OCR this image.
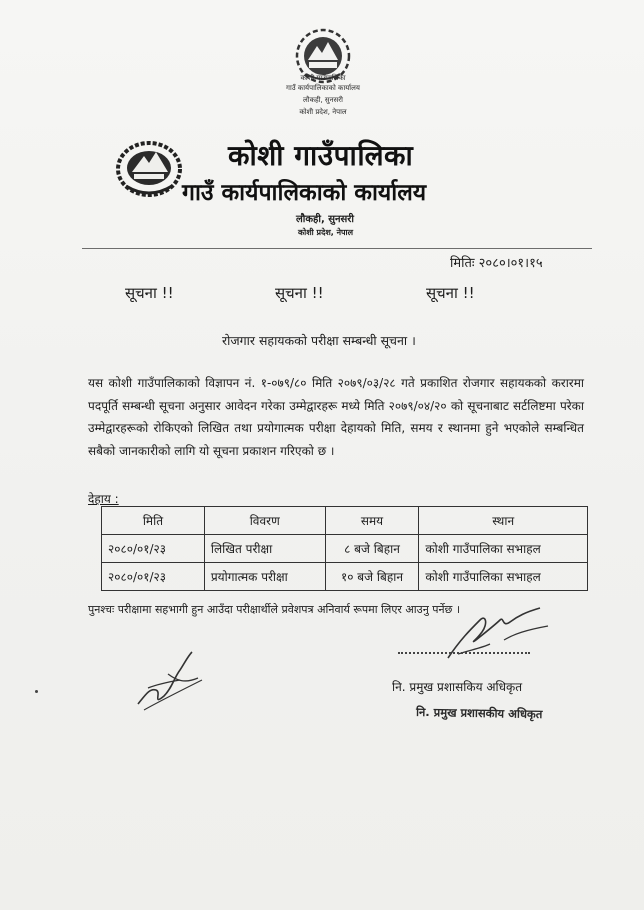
कोशी गाउँपालिका
गाउँ कार्यपालिकाको कार्यालय
लौकही, सुनसरी
कोशी प्रदेश, नेपाल
कोशी गाउँपालिका
गाउँ कार्यपालिकाको कार्यालय
लौकही, सुनसरी
कोशी प्रदेश, नेपाल
मितिः २०८०।०१।१५
सूचना !!	सूचना !!	सूचना !!
रोजगार सहायकको परीक्षा सम्बन्धी सूचना ।
यस कोशी गाउँपालिकाको विज्ञापन नं. १-०७९/८० मिति २०७९/०३/२८ गते प्रकाशित रोजगार सहायकको करारमा पदपूर्ति सम्बन्धी सूचना अनुसार आवेदन गरेका उम्मेद्वारहरू मध्ये मिति २०७९/०४/२० को सूचनाबाट सर्टलिष्टमा परेका उम्मेद्वारहरूको रोकिएको लिखित तथा प्रयोगात्मक परीक्षा देहायको मिति, समय र स्थानमा हुने भएकोले सम्बन्धित सबैको जानकारीको लागि यो सूचना प्रकाशन गरिएको छ ।
देहाय :
मिति	विवरण	समय	स्थान
२०८०/०१/२३	लिखित परीक्षा	८ बजे बिहान	कोशी गाउँपालिका सभाहल
२०८०/०१/२३	प्रयोगात्मक परीक्षा	१० बजे बिहान	कोशी गाउँपालिका सभाहल
पुनश्चः परीक्षामा सहभागी हुन आउँदा परीक्षार्थीले प्रवेशपत्र अनिवार्य रूपमा लिएर आउनु पर्नेछ ।
नि. प्रमुख प्रशासकिय अधिकृत
नि. प्रमुख प्रशासकीय अधिकृत
